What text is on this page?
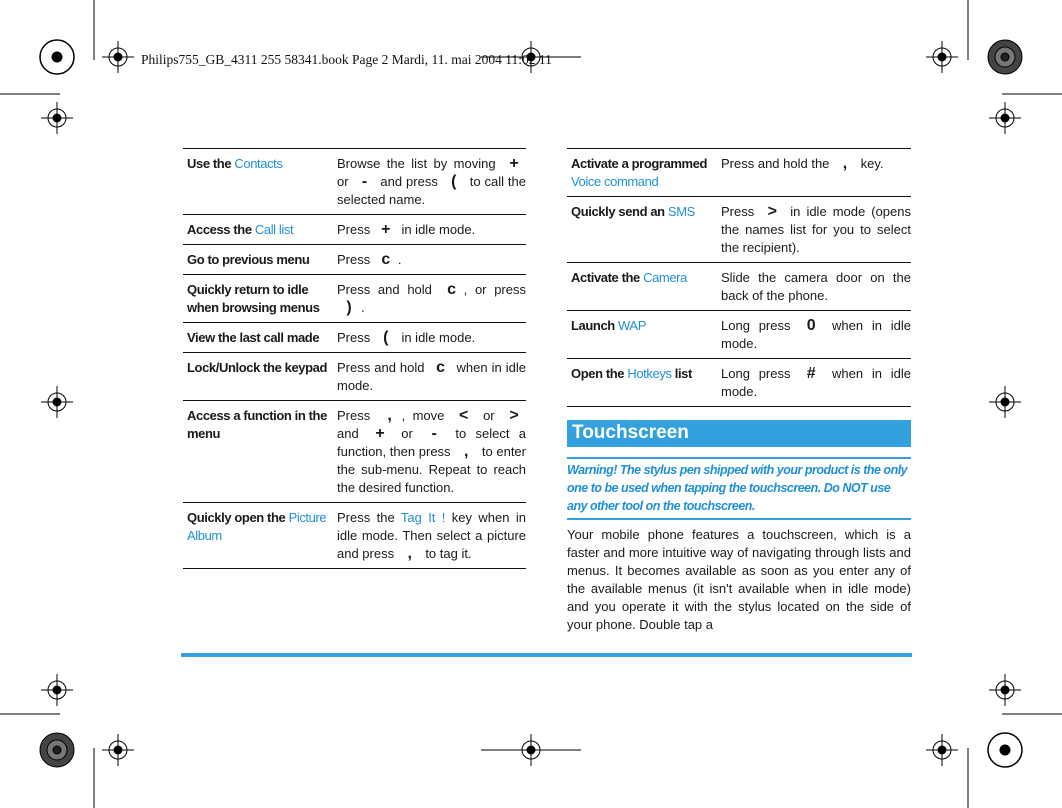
Philips755_GB_4311 255 58341.book Page 2 Mardi, 11. mai 2004 11:02 11
Use the Contacts	Browse the list by moving + or - and press ( to call the selected name.
Access the Call list	Press + in idle mode.
Go to previous menu	Press c .
Quickly return to idle when browsing menus	Press and hold c , or press ) .
View the last call made	Press ( in idle mode.
Lock/Unlock the keypad	Press and hold c when in idle mode.
Access a function in the menu	Press , , move < or > and + or - to select a function, then press , to enter the sub-menu. Repeat to reach the desired function.
Quickly open the Picture Album	Press the Tag It ! key when in idle mode. Then select a picture and press , to tag it.
Activate a programmed Voice command	Press and hold the , key.
Quickly send an SMS	Press > in idle mode (opens the names list for you to select the recipient).
Activate the Camera	Slide the camera door on the back of the phone.
Launch WAP	Long press 0 when in idle mode.
Open the Hotkeys list	Long press # when in idle mode.
Touchscreen
Warning! The stylus pen shipped with your product is the only one to be used when tapping the touchscreen. Do NOT use any other tool on the touchscreen.
Your mobile phone features a touchscreen, which is a faster and more intuitive way of navigating through lists and menus. It becomes available as soon as you enter any of the available menus (it isn't available when in idle mode) and you operate it with the stylus located on the side of your phone. Double tap a
